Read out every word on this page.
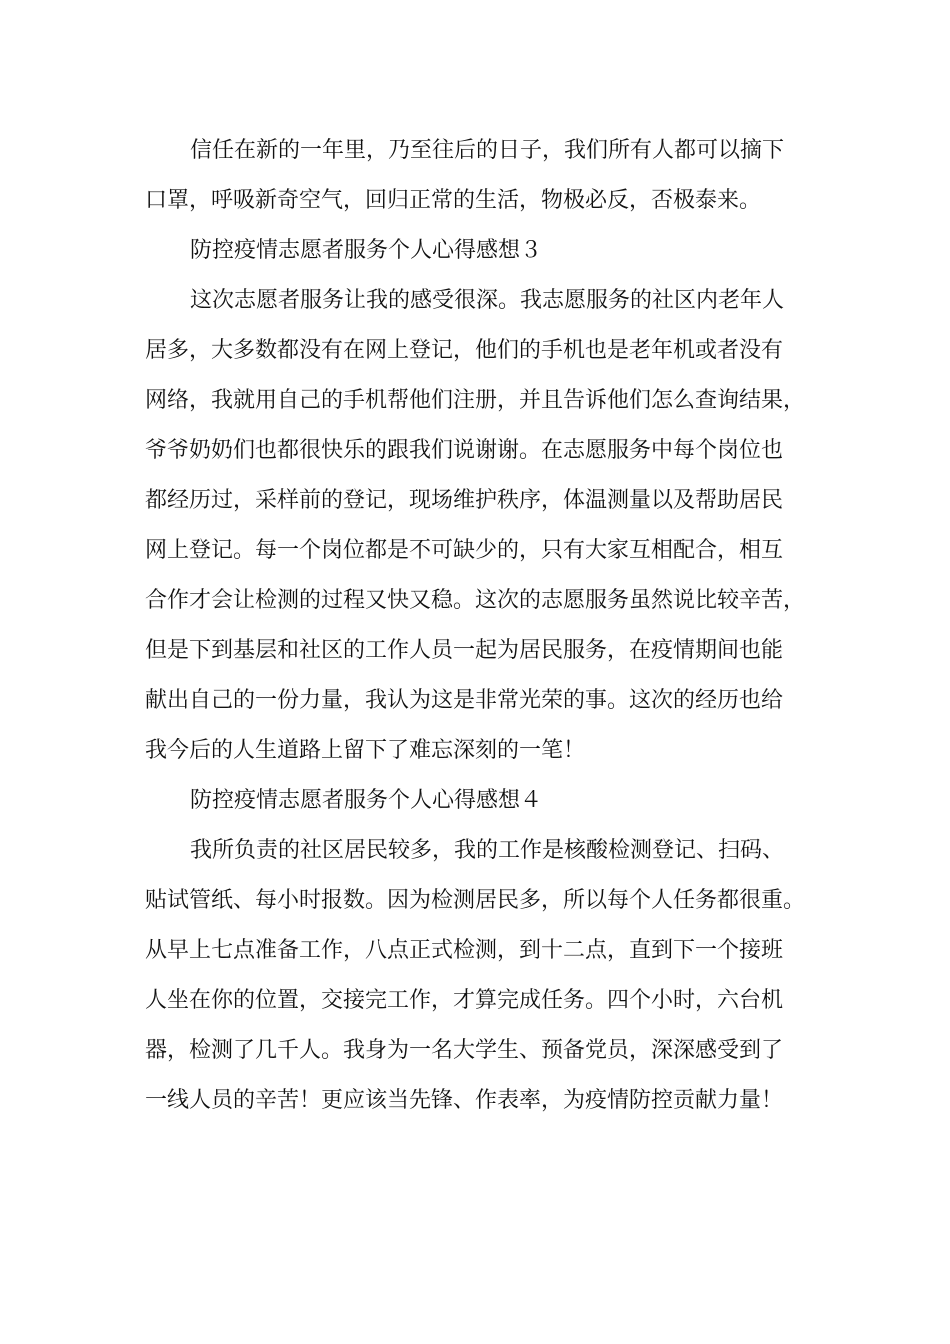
信任在新的一年里，乃至往后的日子，我们所有人都可以摘下
口罩，呼吸新奇空气，回归正常的生活，物极必反，否极泰来。
防控疫情志愿者服务个人心得感想３
这次志愿者服务让我的感受很深。我志愿服务的社区内老年人
居多，大多数都没有在网上登记，他们的手机也是老年机或者没有
网络，我就用自己的手机帮他们注册，并且告诉他们怎么查询结果，
爷爷奶奶们也都很快乐的跟我们说谢谢。在志愿服务中每个岗位也
都经历过，采样前的登记，现场维护秩序，体温测量以及帮助居民
网上登记。每一个岗位都是不可缺少的，只有大家互相配合，相互
合作才会让检测的过程又快又稳。这次的志愿服务虽然说比较辛苦，
但是下到基层和社区的工作人员一起为居民服务，在疫情期间也能
献出自己的一份力量，我认为这是非常光荣的事。这次的经历也给
我今后的人生道路上留下了难忘深刻的一笔！
防控疫情志愿者服务个人心得感想４
我所负责的社区居民较多，我的工作是核酸检测登记、扫码、
贴试管纸、每小时报数。因为检测居民多，所以每个人任务都很重。
从早上七点准备工作，八点正式检测，到十二点，直到下一个接班
人坐在你的位置，交接完工作，才算完成任务。四个小时，六台机
器，检测了几千人。我身为一名大学生、预备党员，深深感受到了
一线人员的辛苦！更应该当先锋、作表率，为疫情防控贡献力量！
